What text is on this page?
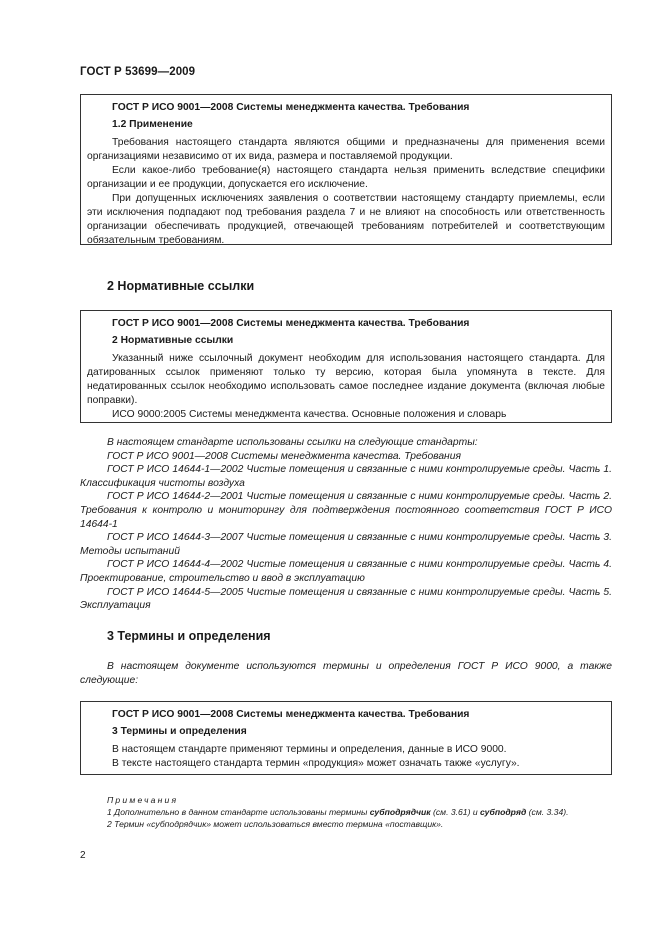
ГОСТ Р 53699—2009
ГОСТ Р ИСО 9001—2008 Системы менеджмента качества. Требования
1.2 Применение

Требования настоящего стандарта являются общими и предназначены для применения всеми организациями независимо от их вида, размера и поставляемой продукции.

Если какое-либо требование(я) настоящего стандарта нельзя применить вследствие специфики организации и ее продукции, допускается его исключение.

При допущенных исключениях заявления о соответствии настоящему стандарту приемлемы, если эти исключения подпадают под требования раздела 7 и не влияют на способность или ответственность организации обеспечивать продукцией, отвечающей требованиям потребителей и соответствующим обязательным требованиям.

2 Нормативные ссылки
ГОСТ Р ИСО 9001—2008 Системы менеджмента качества. Требования
2 Нормативные ссылки

Указанный ниже ссылочный документ необходим для использования настоящего стандарта. Для датированных ссылок применяют только ту версию, которая была упомянута в тексте. Для недатированных ссылок необходимо использовать самое последнее издание документа (включая любые поправки).

ИСО 9000:2005 Системы менеджмента качества. Основные положения и словарь

В настоящем стандарте использованы ссылки на следующие стандарты:

ГОСТ Р ИСО 9001—2008 Системы менеджмента качества. Требования

ГОСТ Р ИСО 14644-1—2002 Чистые помещения и связанные с ними контролируемые среды. Часть 1. Классификация чистоты воздуха

ГОСТ Р ИСО 14644-2—2001 Чистые помещения и связанные с ними контролируемые среды. Часть 2. Требования к контролю и мониторингу для подтверждения постоянного соответствия ГОСТ Р ИСО 14644-1

ГОСТ Р ИСО 14644-3—2007 Чистые помещения и связанные с ними контролируемые среды. Часть 3. Методы испытаний

ГОСТ Р ИСО 14644-4—2002 Чистые помещения и связанные с ними контролируемые среды. Часть 4. Проектирование, строительство и ввод в эксплуатацию

ГОСТ Р ИСО 14644-5—2005 Чистые помещения и связанные с ними контролируемые среды. Часть 5. Эксплуатация

3 Термины и определения

В настоящем документе используются термины и определения ГОСТ Р ИСО 9000, а также следующие:

ГОСТ Р ИСО 9001—2008 Системы менеджмента качества. Требования
3 Термины и определения

В настоящем стандарте применяют термины и определения, данные в ИСО 9000.

В тексте настоящего стандарта термин «продукция» может означать также «услугу».

Примечания

1 Дополнительно в данном стандарте использованы термины субподрядчик (см. 3.61) и субподряд (см. 3.34).

2 Термин «субподрядчик» может использоваться вместо термина «поставщик».

2
